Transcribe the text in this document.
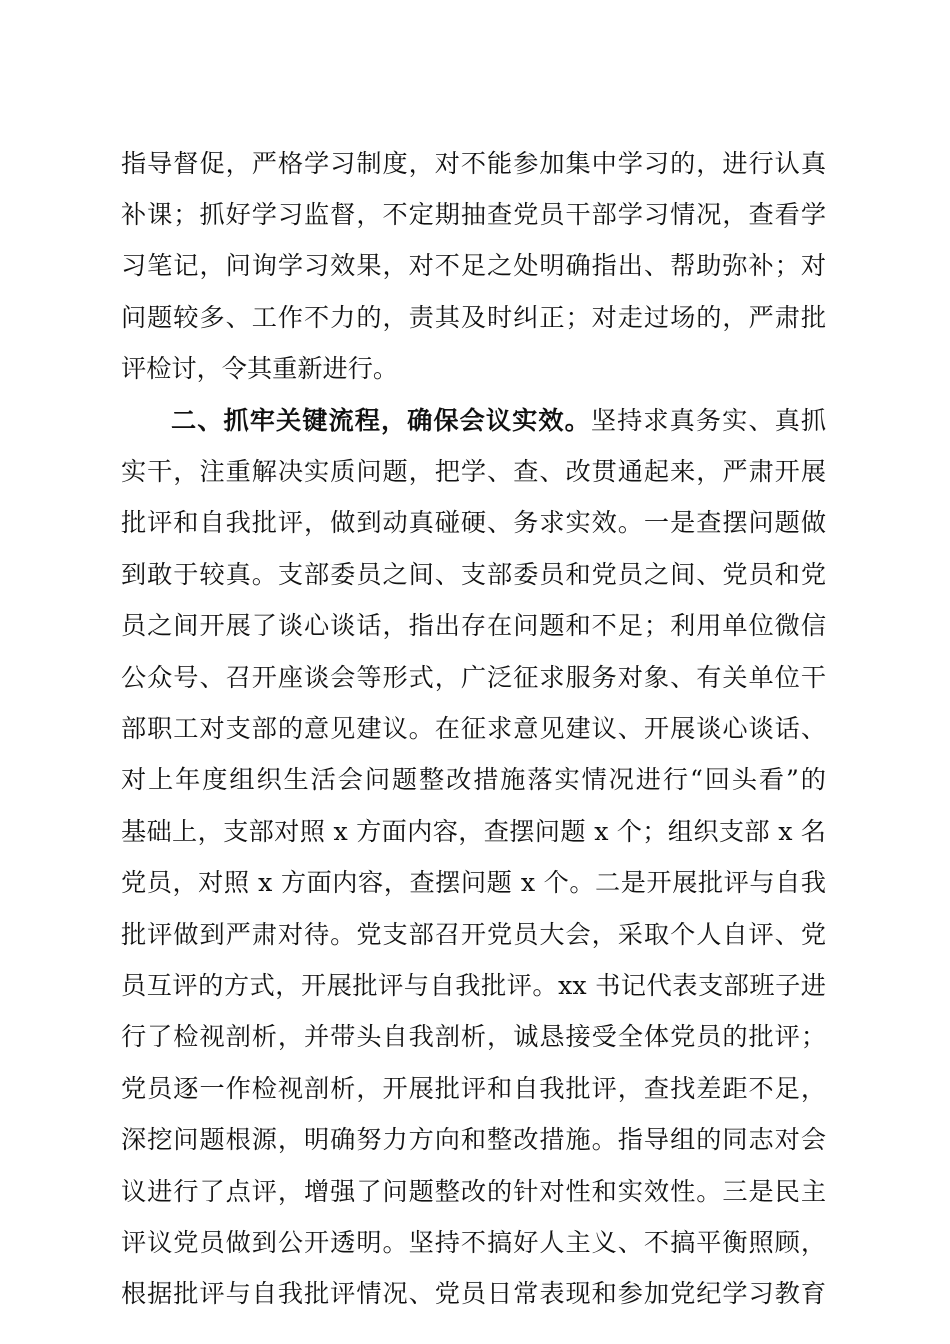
指导督促，严格学习制度，对不能参加集中学习的，进行认真
补课；抓好学习监督，不定期抽查党员干部学习情况，查看学
习笔记，问询学习效果，对不足之处明确指出、帮助弥补；对
问题较多、工作不力的，责其及时纠正；对走过场的，严肃批
评检讨，令其重新进行。
二、抓牢关键流程，确保会议实效。坚持求真务实、真抓
实干，注重解决实质问题，把学、查、改贯通起来，严肃开展
批评和自我批评，做到动真碰硬、务求实效。一是查摆问题做
到敢于较真。支部委员之间、支部委员和党员之间、党员和党
员之间开展了谈心谈话，指出存在问题和不足；利用单位微信
公众号、召开座谈会等形式，广泛征求服务对象、有关单位干
部职工对支部的意见建议。在征求意见建议、开展谈心谈话、
对上年度组织生活会问题整改措施落实情况进行“回头看”的
基础上，支部对照 x 方面内容，查摆问题 x 个；组织支部 x 名
党员，对照 x 方面内容，查摆问题 x 个。二是开展批评与自我
批评做到严肃对待。党支部召开党员大会，采取个人自评、党
员互评的方式，开展批评与自我批评。xx 书记代表支部班子进
行了检视剖析，并带头自我剖析，诚恳接受全体党员的批评；
党员逐一作检视剖析，开展批评和自我批评，查找差距不足，
深挖问题根源，明确努力方向和整改措施。指导组的同志对会
议进行了点评，增强了问题整改的针对性和实效性。三是民主
评议党员做到公开透明。坚持不搞好人主义、不搞平衡照顾，
根据批评与自我批评情况、党员日常表现和参加党纪学习教育
